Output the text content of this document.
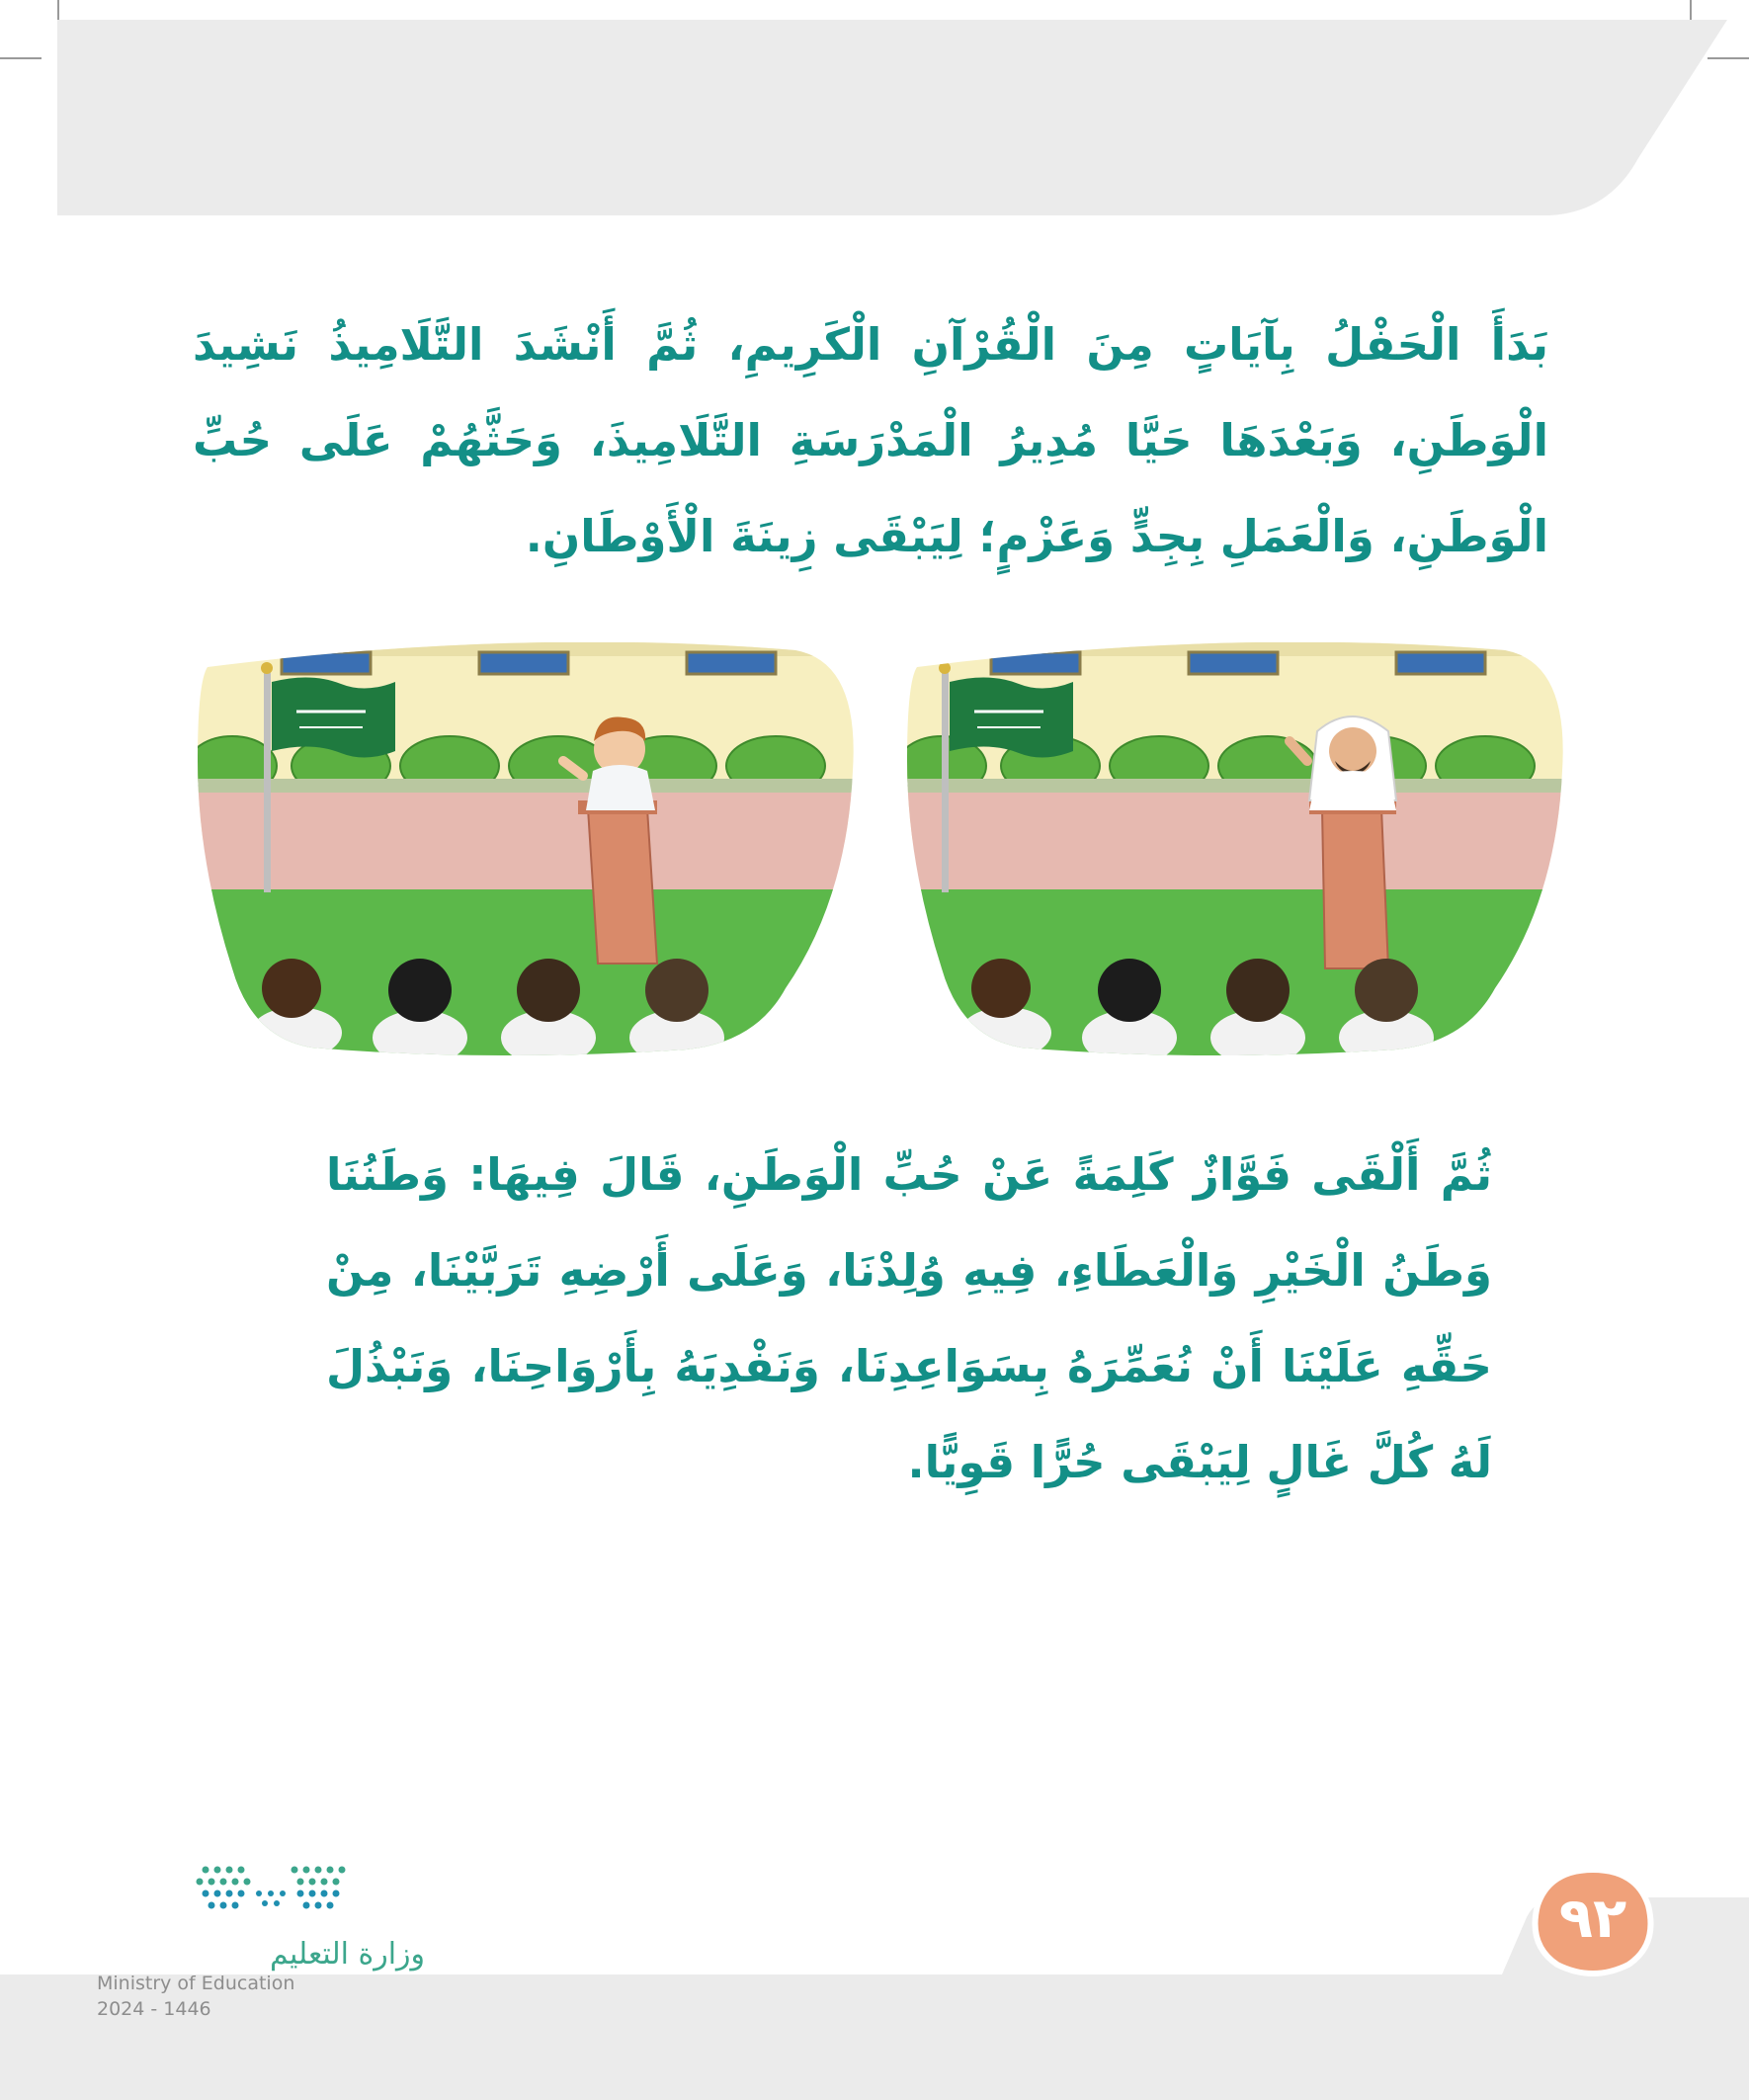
بَدَأَ الْحَفْلُ بِآيَاتٍ مِنَ الْقُرْآنِ الْكَرِيمِ، ثُمَّ أَنْشَدَ التَّلَامِيذُ نَشِيدَ الْوَطَنِ، وَبَعْدَهَا حَيَّا مُدِيرُ الْمَدْرَسَةِ التَّلَامِيذَ، وَحَثَّهُمْ عَلَى حُبِّ الْوَطَنِ، وَالْعَمَلِ بِجِدٍّ وَعَزْمٍ؛ لِيَبْقَى زِينَةَ الْأَوْطَانِ.

ثُمَّ أَلْقَى فَوَّازٌ كَلِمَةً عَنْ حُبِّ الْوَطَنِ، قَالَ فِيهَا: وَطَنُنَا وَطَنُ الْخَيْرِ وَالْعَطَاءِ، فِيهِ وُلِدْنَا، وَعَلَى أَرْضِهِ تَرَبَّيْنَا، مِنْ حَقِّهِ عَلَيْنَا أَنْ نُعَمِّرَهُ بِسَوَاعِدِنَا، وَنَفْدِيَهُ بِأَرْوَاحِنَا، وَنَبْذُلَ لَهُ كُلَّ غَالٍ لِيَبْقَى حُرًّا قَوِيًّا.

وزارة التعليم
Ministry of Education
2024 - 1446
٩٢
